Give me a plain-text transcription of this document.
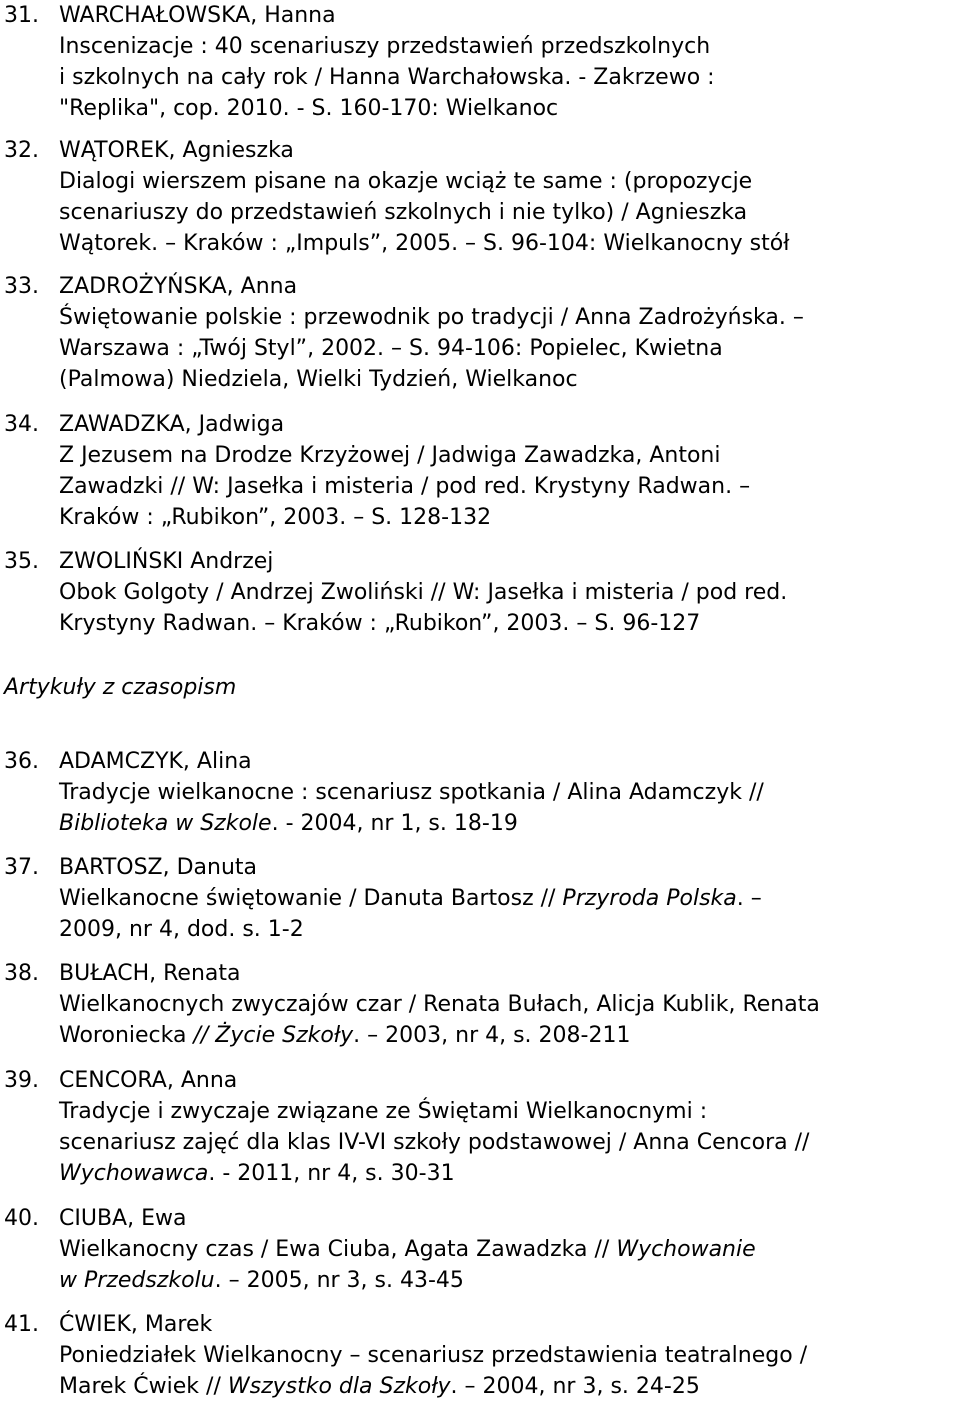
31. WARCHAŁOWSKA, Hanna
Inscenizacje : 40 scenariuszy przedstawień przedszkolnych
i szkolnych na cały rok / Hanna Warchałowska. - Zakrzewo :
"Replika", cop. 2010. - S. 160-170: Wielkanoc
32. WĄTOREK, Agnieszka
Dialogi wierszem pisane na okazje wciąż te same : (propozycje
scenariuszy do przedstawień szkolnych i nie tylko) / Agnieszka
Wątorek. – Kraków : „Impuls”, 2005. – S. 96-104: Wielkanocny stół
33. ZADROŻYŃSKA, Anna
Świętowanie polskie : przewodnik po tradycji / Anna Zadrożyńska. –
Warszawa : „Twój Styl”, 2002. – S. 94-106: Popielec, Kwietna
(Palmowa) Niedziela, Wielki Tydzień, Wielkanoc
34. ZAWADZKA, Jadwiga
Z Jezusem na Drodze Krzyżowej / Jadwiga Zawadzka, Antoni
Zawadzki // W: Jasełka i misteria / pod red. Krystyny Radwan. –
Kraków : „Rubikon”, 2003. – S. 128-132
35. ZWOLIŃSKI Andrzej
Obok Golgoty / Andrzej Zwoliński // W: Jasełka i misteria / pod red.
Krystyny Radwan. – Kraków : „Rubikon”, 2003. – S. 96-127
Artykuły z czasopism
36. ADAMCZYK, Alina
Tradycje wielkanocne : scenariusz spotkania / Alina Adamczyk //
Biblioteka w Szkole. - 2004, nr 1, s. 18-19
37. BARTOSZ, Danuta
Wielkanocne świętowanie / Danuta Bartosz // Przyroda Polska. –
2009, nr 4, dod. s. 1-2
38. BUŁACH, Renata
Wielkanocnych zwyczajów czar / Renata Bułach, Alicja Kublik, Renata
Woroniecka // Życie Szkoły. – 2003, nr 4, s. 208-211
39. CENCORA, Anna
Tradycje i zwyczaje związane ze Świętami Wielkanocnymi :
scenariusz zajęć dla klas IV-VI szkoły podstawowej / Anna Cencora //
Wychowawca. - 2011, nr 4, s. 30-31
40. CIUBA, Ewa
Wielkanocny czas / Ewa Ciuba, Agata Zawadzka // Wychowanie
w Przedszkolu. – 2005, nr 3, s. 43-45
41. ĆWIEK, Marek
Poniedziałek Wielkanocny – scenariusz przedstawienia teatralnego /
Marek Ćwiek // Wszystko dla Szkoły. – 2004, nr 3, s. 24-25
